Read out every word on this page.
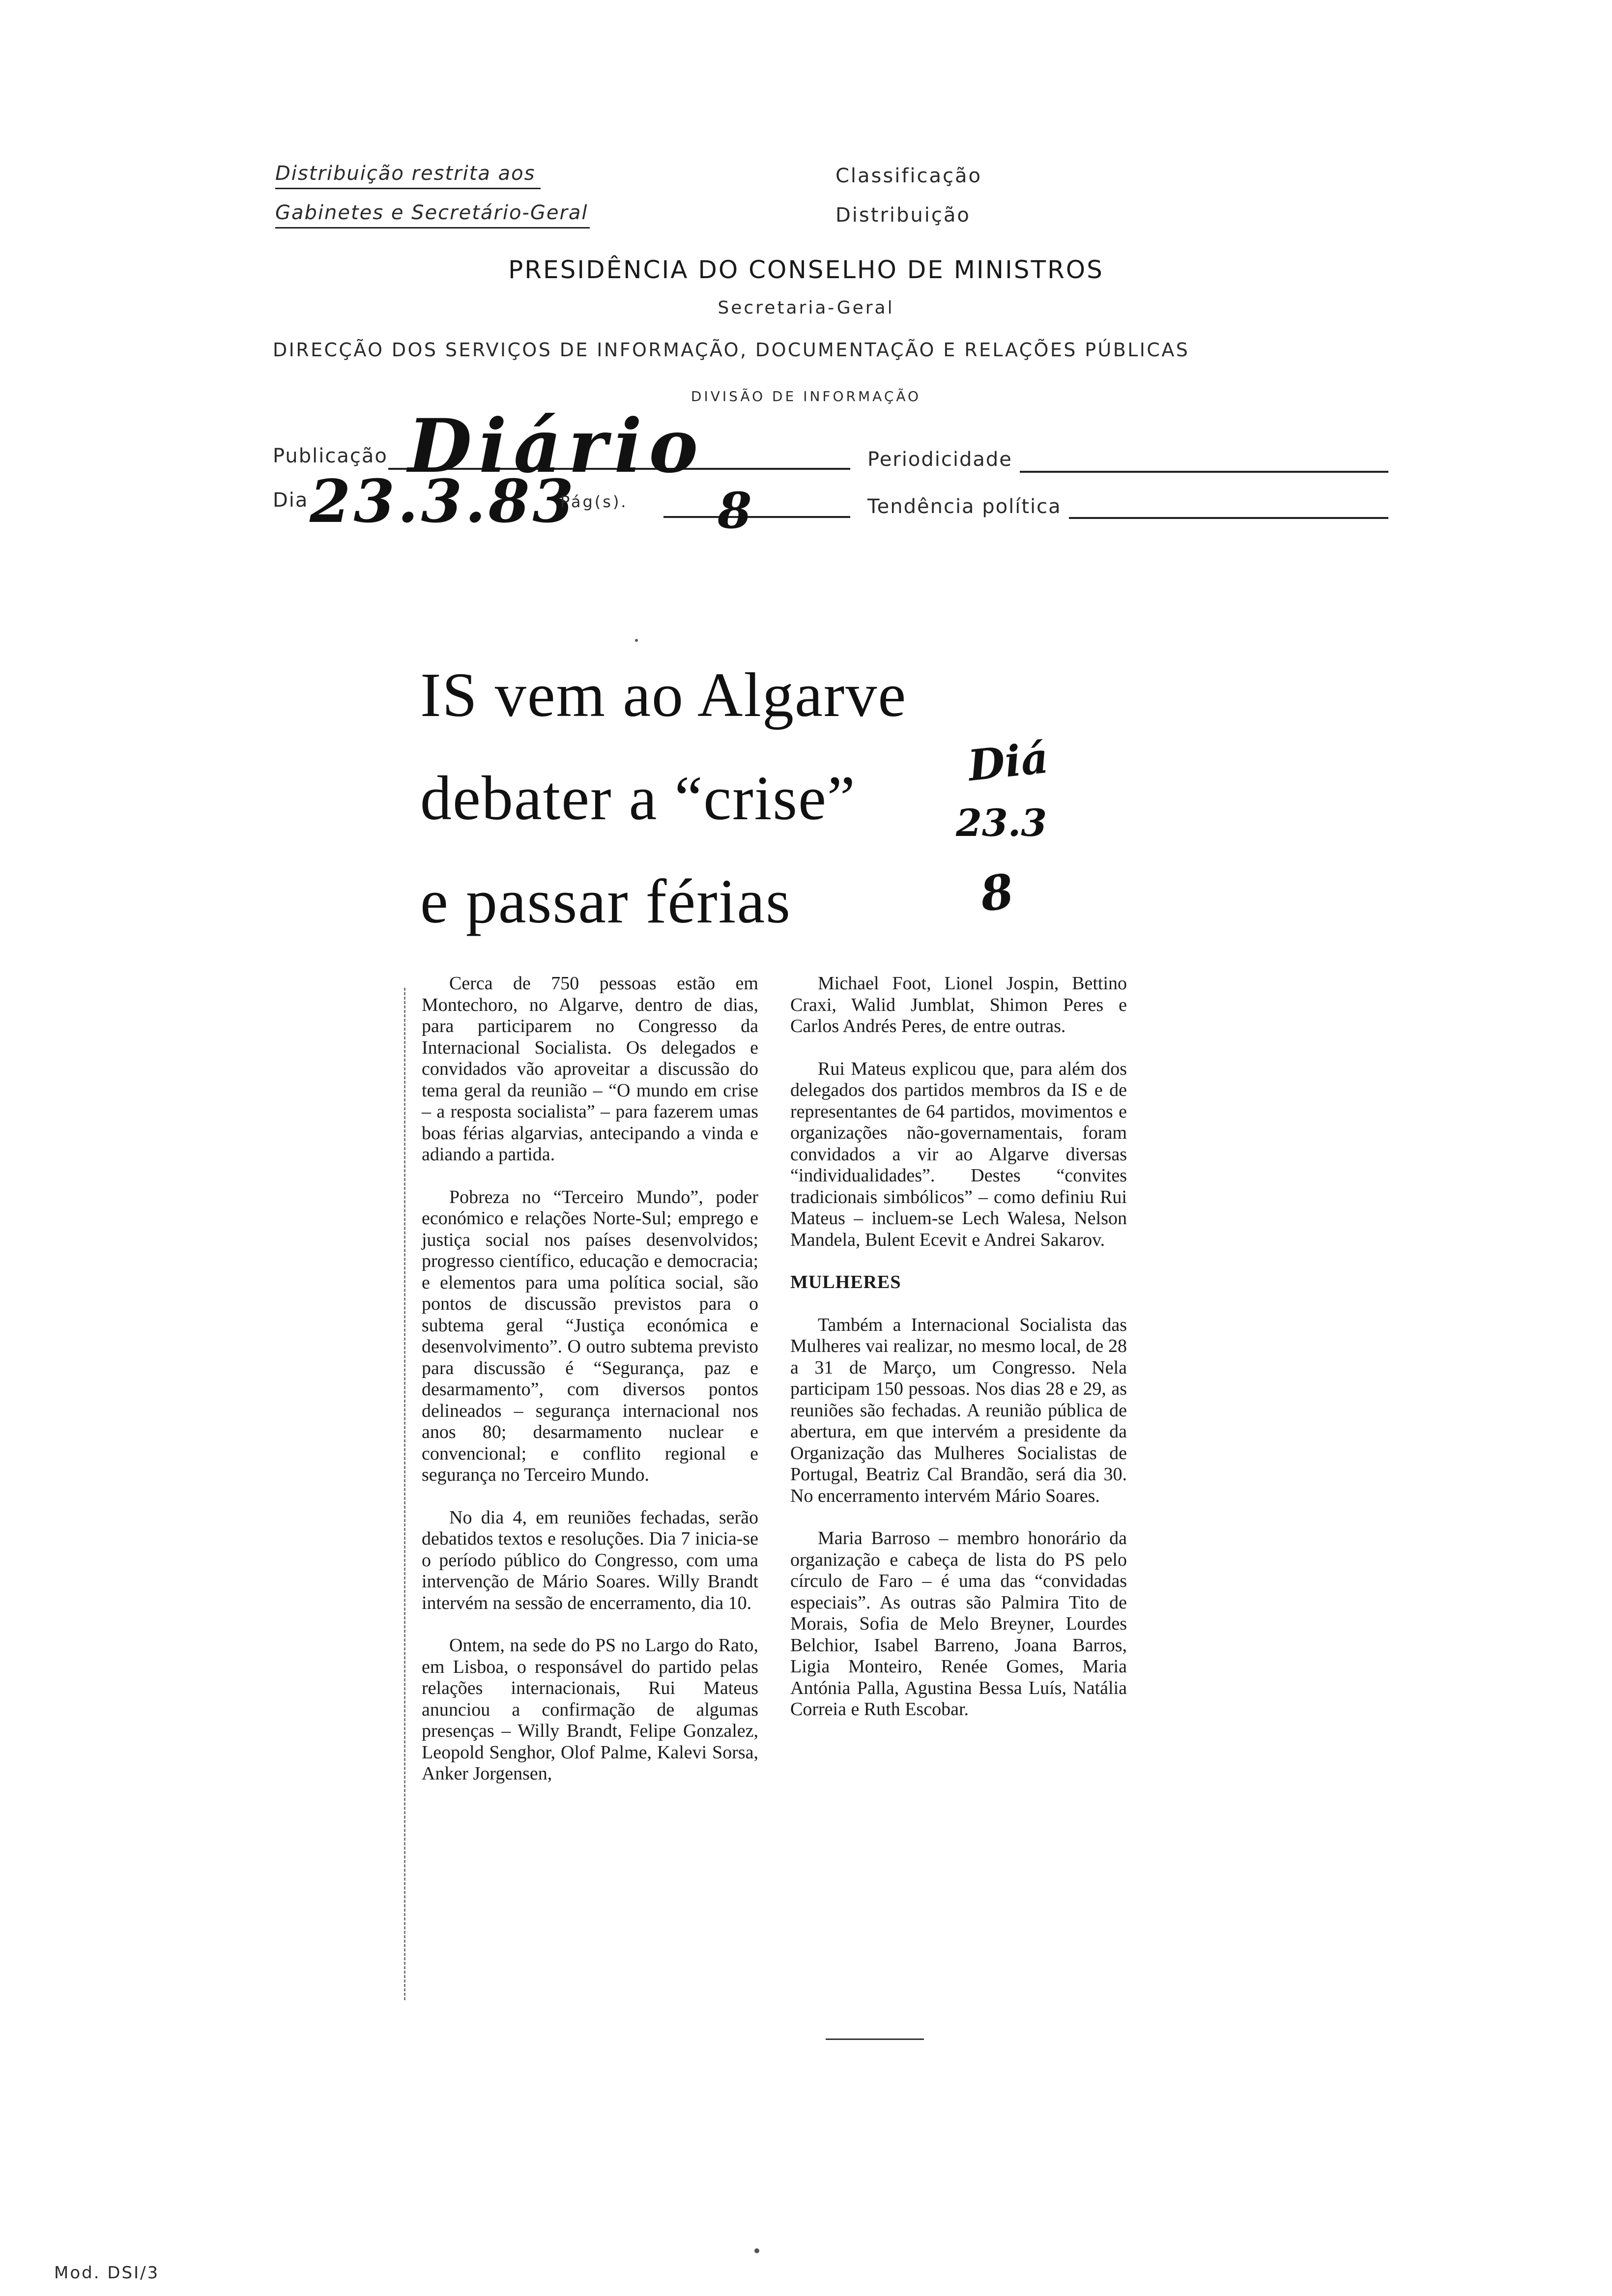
Distribuição restrita aos
Gabinetes e Secretário-Geral
Classificação
Distribuição
PRESIDÊNCIA DO CONSELHO DE MINISTROS
Secretaria-Geral
DIRECÇÃO DOS SERVIÇOS DE INFORMAÇÃO, DOCUMENTAÇÃO E RELAÇÕES PÚBLICAS
DIVISÃO DE INFORMAÇÃO
Publicação Diário	Periodicidade
Dia 23.3.83
Pág(s). 8	Tendência política
IS vem ao Algarve
debater a “crise”
e passar férias
Diá
23.3
8

Cerca de 750 pessoas estão em Montechoro, no Algarve, dentro de dias, para participarem no Congresso da Internacional Socialista. Os delegados e convidados vão aproveitar a discussão do tema geral da reunião – “O mundo em crise – a resposta socialista” – para fazerem umas boas férias algarvias, antecipando a vinda e adiando a partida.

Pobreza no “Terceiro Mundo”, poder económico e relações Norte-Sul; emprego e justiça social nos países desenvolvidos; progresso científico, educação e democracia; e elementos para uma política social, são pontos de discussão previstos para o subtema geral “Justiça económica e desenvolvimento”. O outro subtema previsto para discussão é “Segurança, paz e desarmamento”, com diversos pontos delineados – segurança internacional nos anos 80; desarmamento nuclear e convencional; e conflito regional e segurança no Terceiro Mundo.

No dia 4, em reuniões fechadas, serão debatidos textos e resoluções. Dia 7 inicia-se o período público do Congresso, com uma intervenção de Mário Soares. Willy Brandt intervém na sessão de encerramento, dia 10.

Ontem, na sede do PS no Largo do Rato, em Lisboa, o responsável do partido pelas relações internacionais, Rui Mateus anunciou a confirmação de algumas presenças – Willy Brandt, Felipe Gonzalez, Leopold Senghor, Olof Palme, Kalevi Sorsa, Anker Jorgensen,

Michael Foot, Lionel Jospin, Bettino Craxi, Walid Jumblat, Shimon Peres e Carlos Andrés Peres, de entre outras.

Rui Mateus explicou que, para além dos delegados dos partidos membros da IS e de representantes de 64 partidos, movimentos e organizações não-governamentais, foram convidados a vir ao Algarve diversas “individualidades”. Destes “convites tradicionais simbólicos” – como definiu Rui Mateus – incluem-se Lech Walesa, Nelson Mandela, Bulent Ecevit e Andrei Sakarov.

MULHERES

Também a Internacional Socialista das Mulheres vai realizar, no mesmo local, de 28 a 31 de Março, um Congresso. Nela participam 150 pessoas. Nos dias 28 e 29, as reuniões são fechadas. A reunião pública de abertura, em que intervém a presidente da Organização das Mulheres Socialistas de Portugal, Beatriz Cal Brandão, será dia 30. No encerramento intervém Mário Soares.

Maria Barroso – membro honorário da organização e cabeça de lista do PS pelo círculo de Faro – é uma das “convidadas especiais”. As outras são Palmira Tito de Morais, Sofia de Melo Breyner, Lourdes Belchior, Isabel Barreno, Joana Barros, Ligia Monteiro, Renée Gomes, Maria Antónia Palla, Agustina Bessa Luís, Natália Correia e Ruth Escobar.

Mod. DSI/3
